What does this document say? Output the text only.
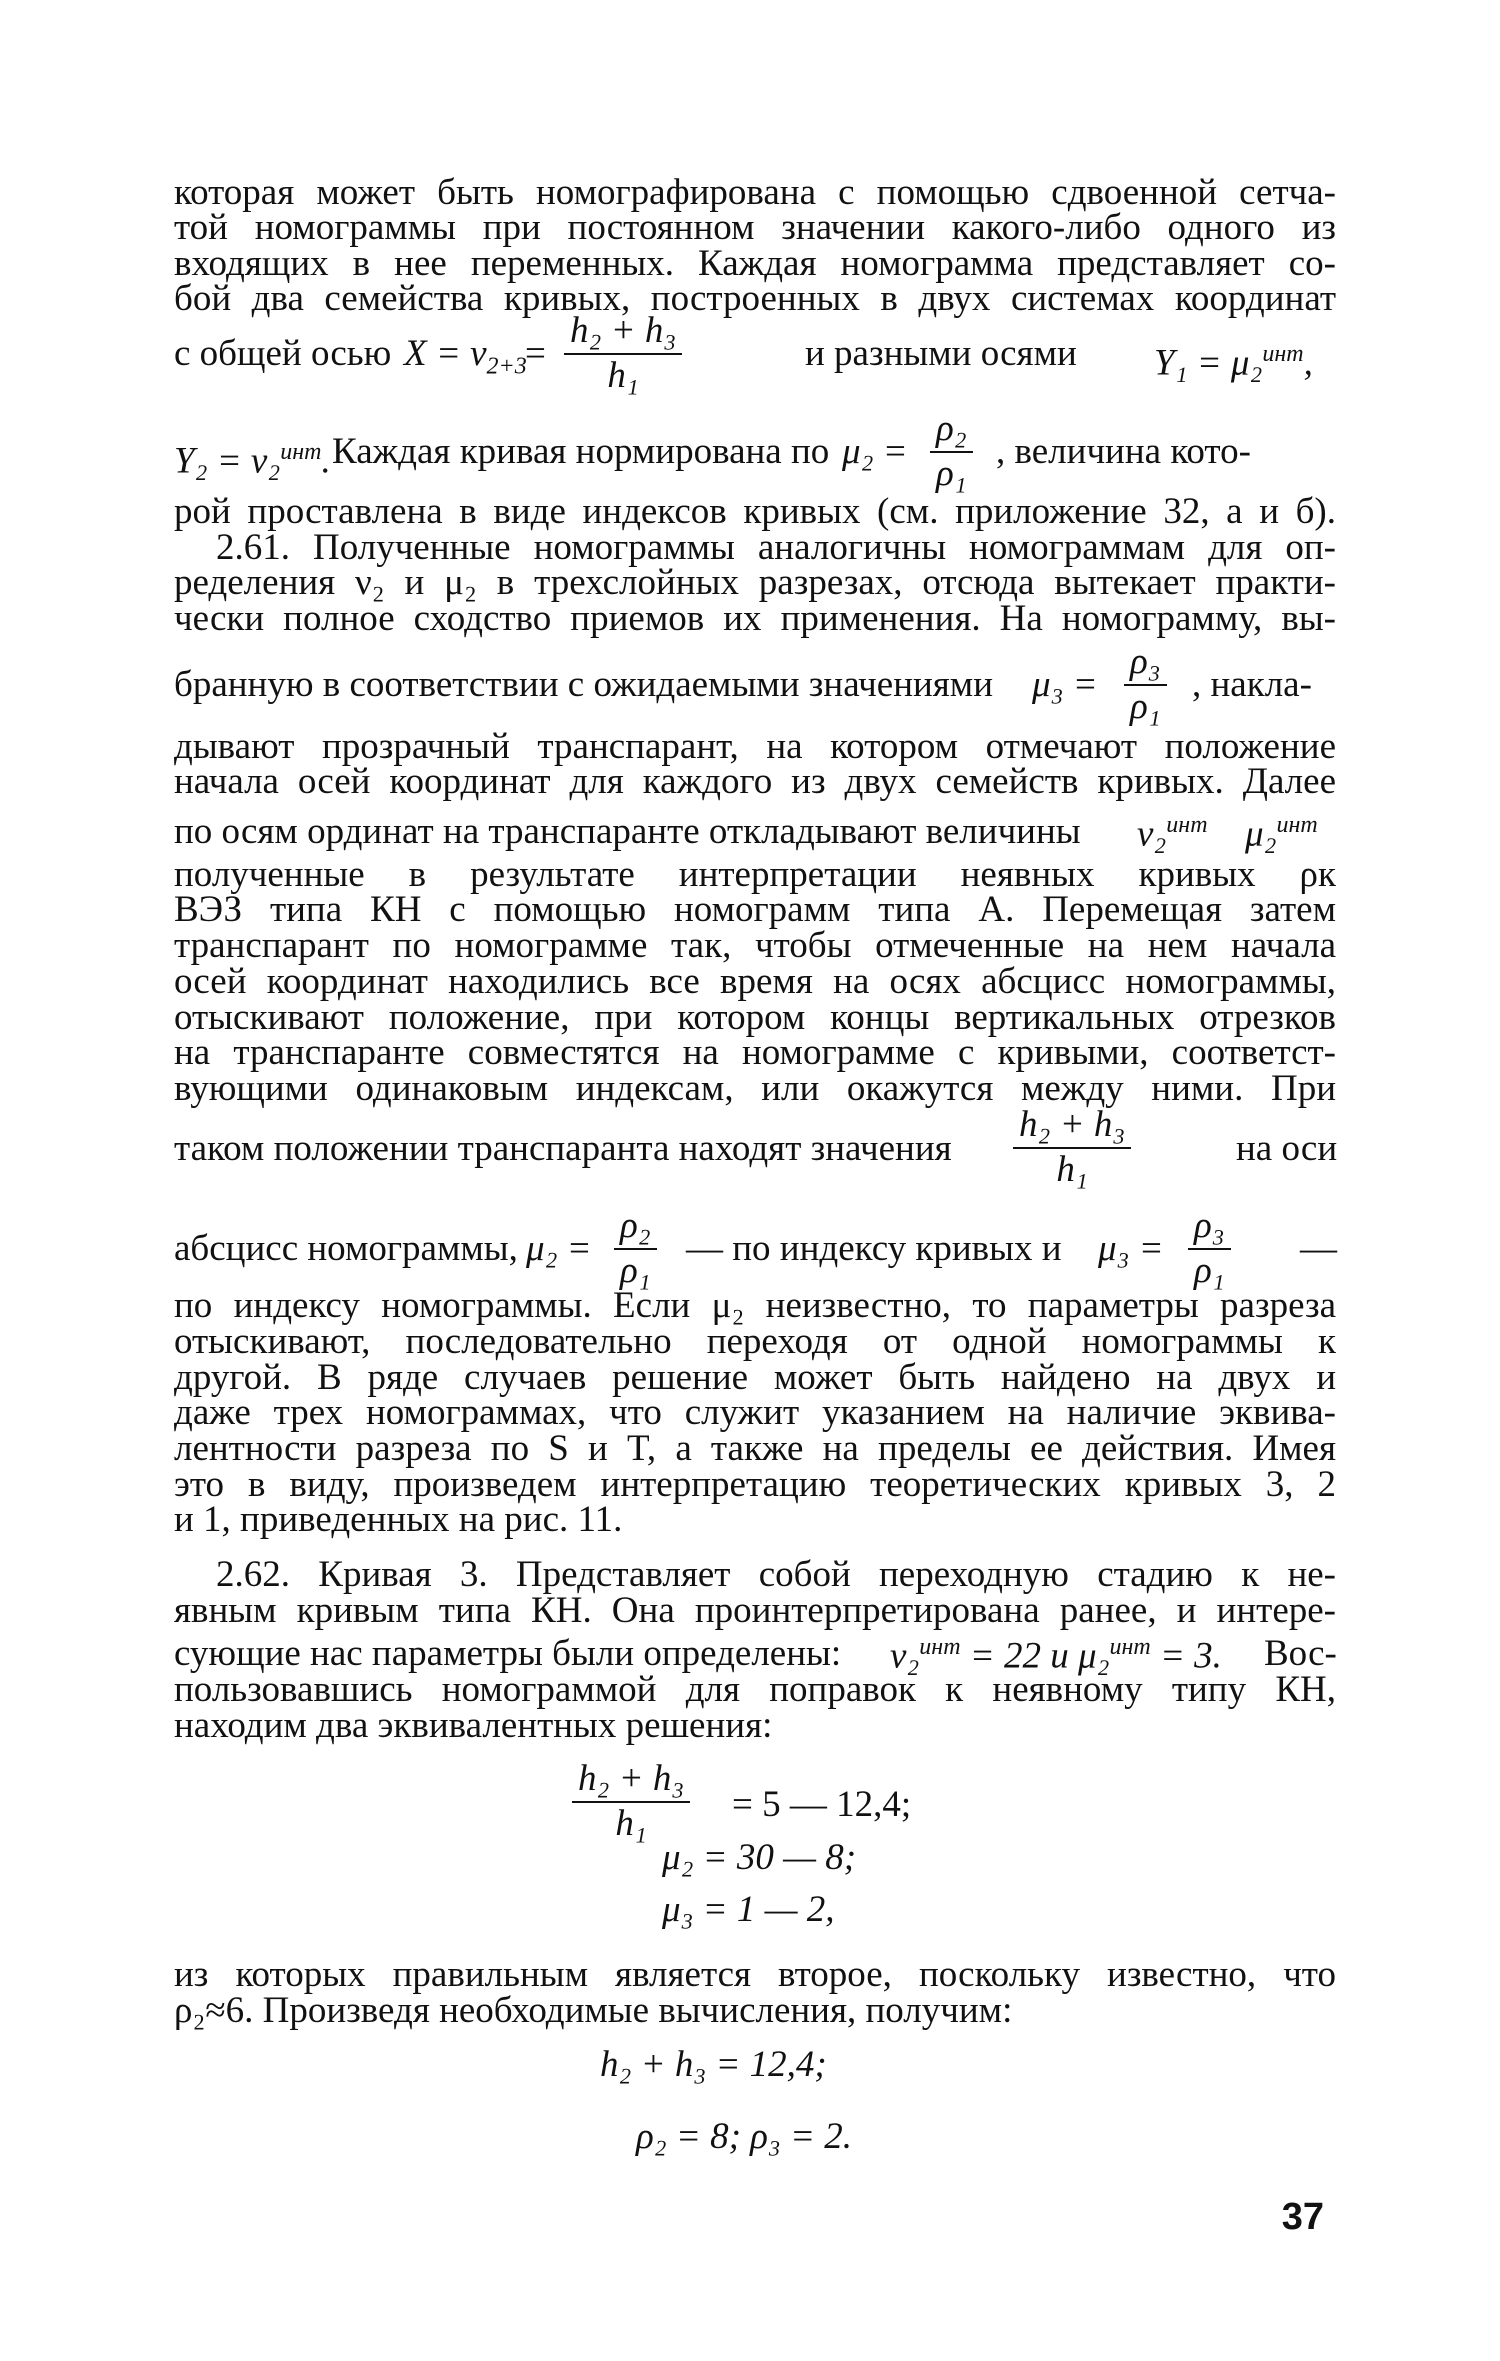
которая может быть номографирована с помощью сдвоенной сетча-
той номограммы при постоянном значении какого-либо одного из
входящих в нее переменных. Каждая номограмма представляет со-
бой два семейства кривых, построенных в двух системах координат
с общей осью $X = \nu_{2+3}$
= $\frac{\text{h₂ + h₃}}{\text{h₁}}$	и разными осями Y₁ = μ₂$^{инт}$,
Y₂ = ν₂$^{инт}$. Каждая кривая нормирована по $\mu_2 = \frac{\text{ρ₂}}{\text{ρ₁}}$ , величина кото-
рой проставлена в виде индексов кривых (см. приложение 32, а и б).
2.61. Полученные номограммы аналогичны номограммам для оп-
ределения ν₂ и μ₂ в трехслойных разрезах, отсюда вытекает практи-
чески полное сходство приемов их применения. На номограмму, вы-
бранную в соответствии с ожидаемыми значениями $\mu_3 = \frac{\text{ρ₃}}{\text{ρ₁}}$ , накла-
дывают прозрачный транспарант, на котором отмечают положение
начала осей координат для каждого из двух семейств кривых. Далее
по осям ординат на транспаранте откладывают величины ν₂$^{инт}$ μ₂$^{инт}$
полученные в результате интерпретации неявных кривых ρк
ВЭЗ типа КН с помощью номограмм типа А. Перемещая затем
транспарант по номограмме так, чтобы отмеченные на нем начала
осей координат находились все время на осях абсцисс номограммы,
отыскивают положение, при котором концы вертикальных отрезков
на транспаранте совместятся на номограмме с кривыми, соответст-
вующими одинаковым индексам, или окажутся между ними. При
таком положении транспаранта находят значения $\frac{\text{h₂ + h₃}}{\text{h₁}}$	на оси
абсцисс номограммы, $\mu_2 = \frac{\text{ρ₂}}{\text{ρ₁}}$ — по индексу кривых и $\mu_3 = \frac{\text{ρ₃}}{\text{ρ₁}}$ —
по индексу номограммы. Если μ₂ неизвестно, то параметры разреза
отыскивают, последовательно переходя от одной номограммы к
другой. В ряде случаев решение может быть найдено на двух и
даже трех номограммах, что служит указанием на наличие эквива-
лентности разреза по S и T, а также на пределы ее действия. Имея
это в виду, произведем интерпретацию теоретических кривых 3, 2
и 1, приведенных на рис. 11.
2.62. Кривая 3. Представляет собой переходную стадию к не-
явным кривым типа КН. Она проинтерпретирована ранее, и интере-
сующие нас параметры были определены: ν₂$^{инт}$ = 22 и μ₂$^{инт}$ = 3. Вос-
пользовавшись номограммой для поправок к неявному типу КН,
находим два эквивалентных решения:
$\frac{\text{h₂ + h₃}}{\text{h₁}} = 5$ — 12,4;
μ₂ = 30 — 8;
μ₃ = 1 — 2,
из которых правильным является второе, поскольку известно, что
ρ₂≈6. Произведя необходимые вычисления, получим:
h₂ + h₃ = 12,4;
ρ₂ = 8; ρ₃ = 2.
37
